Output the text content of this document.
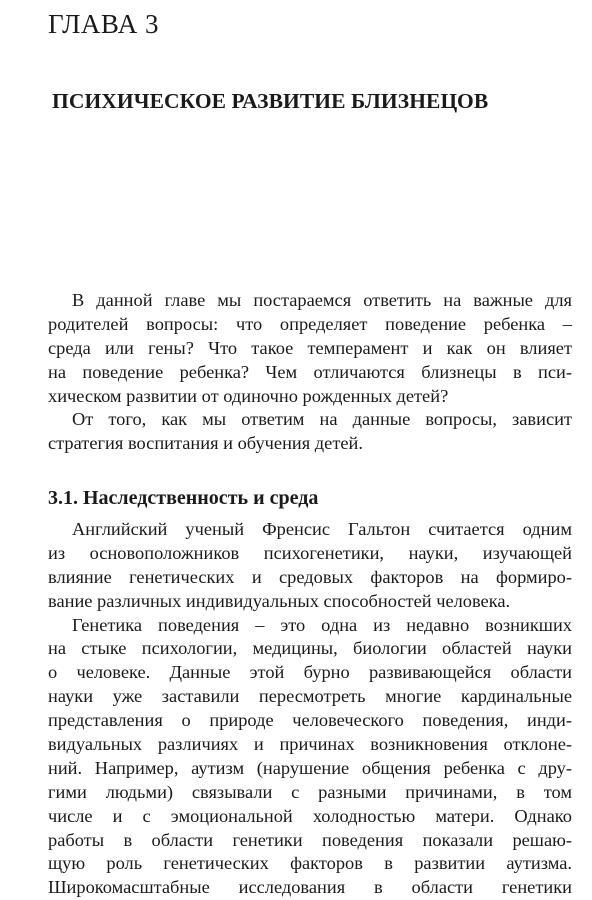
ГЛАВА 3
ПСИХИЧЕСКОЕ РАЗВИТИЕ БЛИЗНЕЦОВ
В данной главе мы постараемся ответить на важные для
родителей вопросы: что определяет поведение ребенка –
среда или гены? Что такое темперамент и как он влияет
на поведение ребенка? Чем отличаются близнецы в пси-
хическом развитии от одиночно рожденных детей?
От того, как мы ответим на данные вопросы, зависит
стратегия воспитания и обучения детей.
3.1. Наследственность и среда
Английский ученый Френсис Гальтон считается одним
из основоположников психогенетики, науки, изучающей
влияние генетических и средовых факторов на формиро-
вание различных индивидуальных способностей человека.
Генетика поведения – это одна из недавно возникших
на стыке психологии, медицины, биологии областей науки
о человеке. Данные этой бурно развивающейся области
науки уже заставили пересмотреть многие кардинальные
представления о природе человеческого поведения, инди-
видуальных различиях и причинах возникновения отклоне-
ний. Например, аутизм (нарушение общения ребенка с дру-
гими людьми) связывали с разными причинами, в том
числе и с эмоциональной холодностью матери. Однако
работы в области генетики поведения показали решаю-
щую роль генетических факторов в развитии аутизма.
Широкомасштабные исследования в области генетики
